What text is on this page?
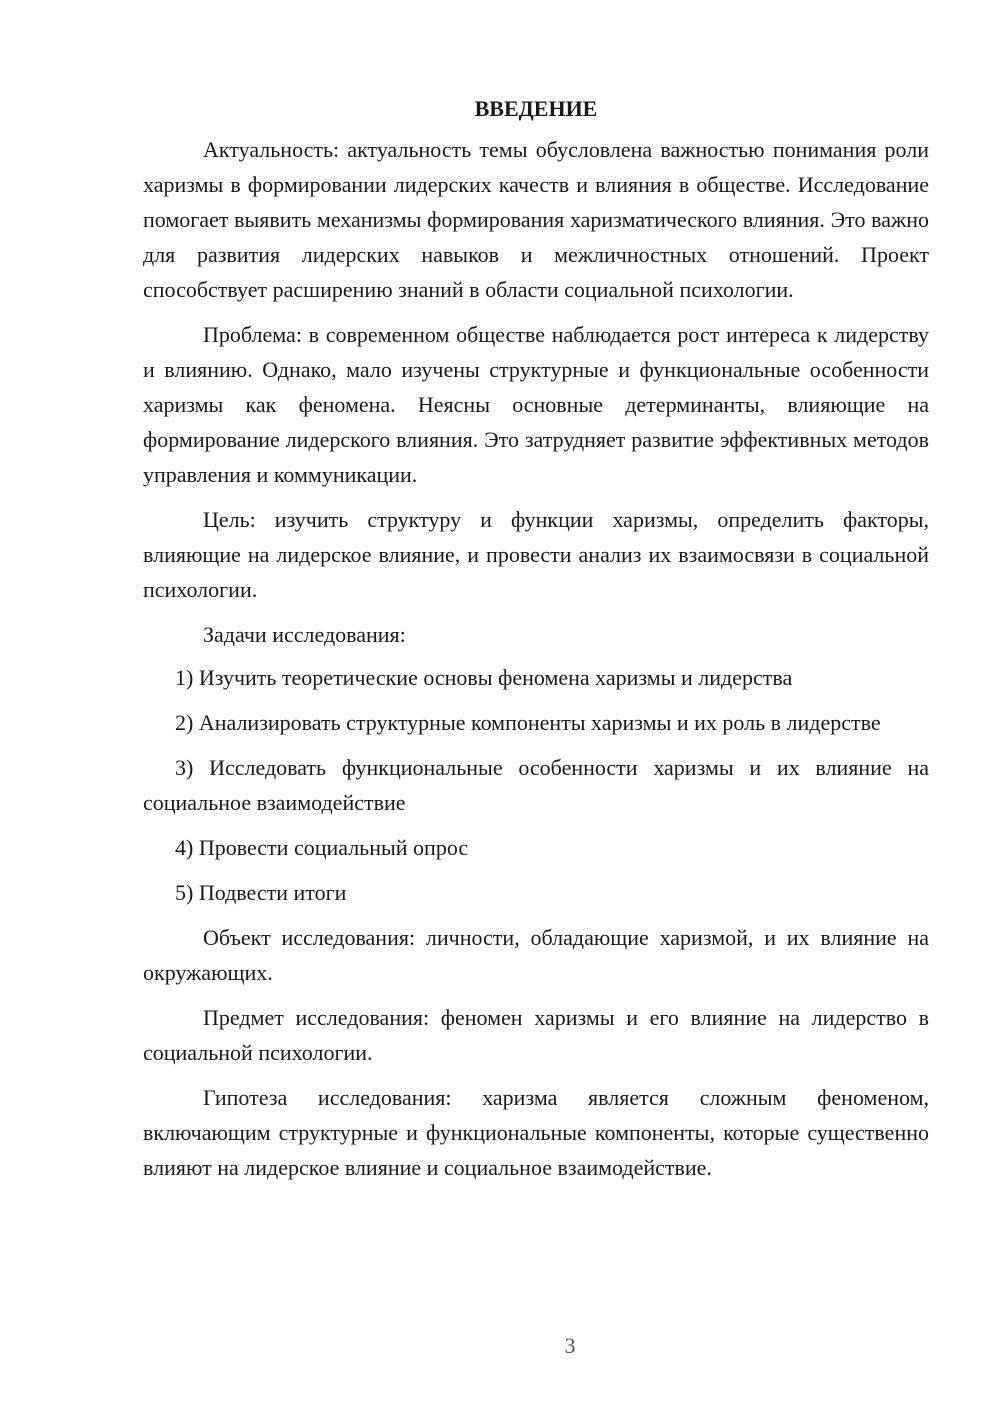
ВВЕДЕНИЕ

Актуальность: актуальность темы обусловлена важностью понимания роли харизмы в формировании лидерских качеств и влияния в обществе. Исследование помогает выявить механизмы формирования харизматического влияния. Это важно для развития лидерских навыков и межличностных отношений. Проект способствует расширению знаний в области социальной психологии.

Проблема: в современном обществе наблюдается рост интереса к лидерству и влиянию. Однако, мало изучены структурные и функциональные особенности харизмы как феномена. Неясны основные детерминанты, влияющие на формирование лидерского влияния. Это затрудняет развитие эффективных методов управления и коммуникации.

Цель: изучить структуру и функции харизмы, определить факторы, влияющие на лидерское влияние, и провести анализ их взаимосвязи в социальной психологии.

Задачи исследования:

1) Изучить теоретические основы феномена харизмы и лидерства

2) Анализировать структурные компоненты харизмы и их роль в лидерстве

3) Исследовать функциональные особенности харизмы и их влияние на социальное взаимодействие

4) Провести социальный опрос

5) Подвести итоги

Объект исследования: личности, обладающие харизмой, и их влияние на окружающих.

Предмет исследования: феномен харизмы и его влияние на лидерство в социальной психологии.

Гипотеза исследования: харизма является сложным феноменом, включающим структурные и функциональные компоненты, которые существенно влияют на лидерское влияние и социальное взаимодействие.

3
